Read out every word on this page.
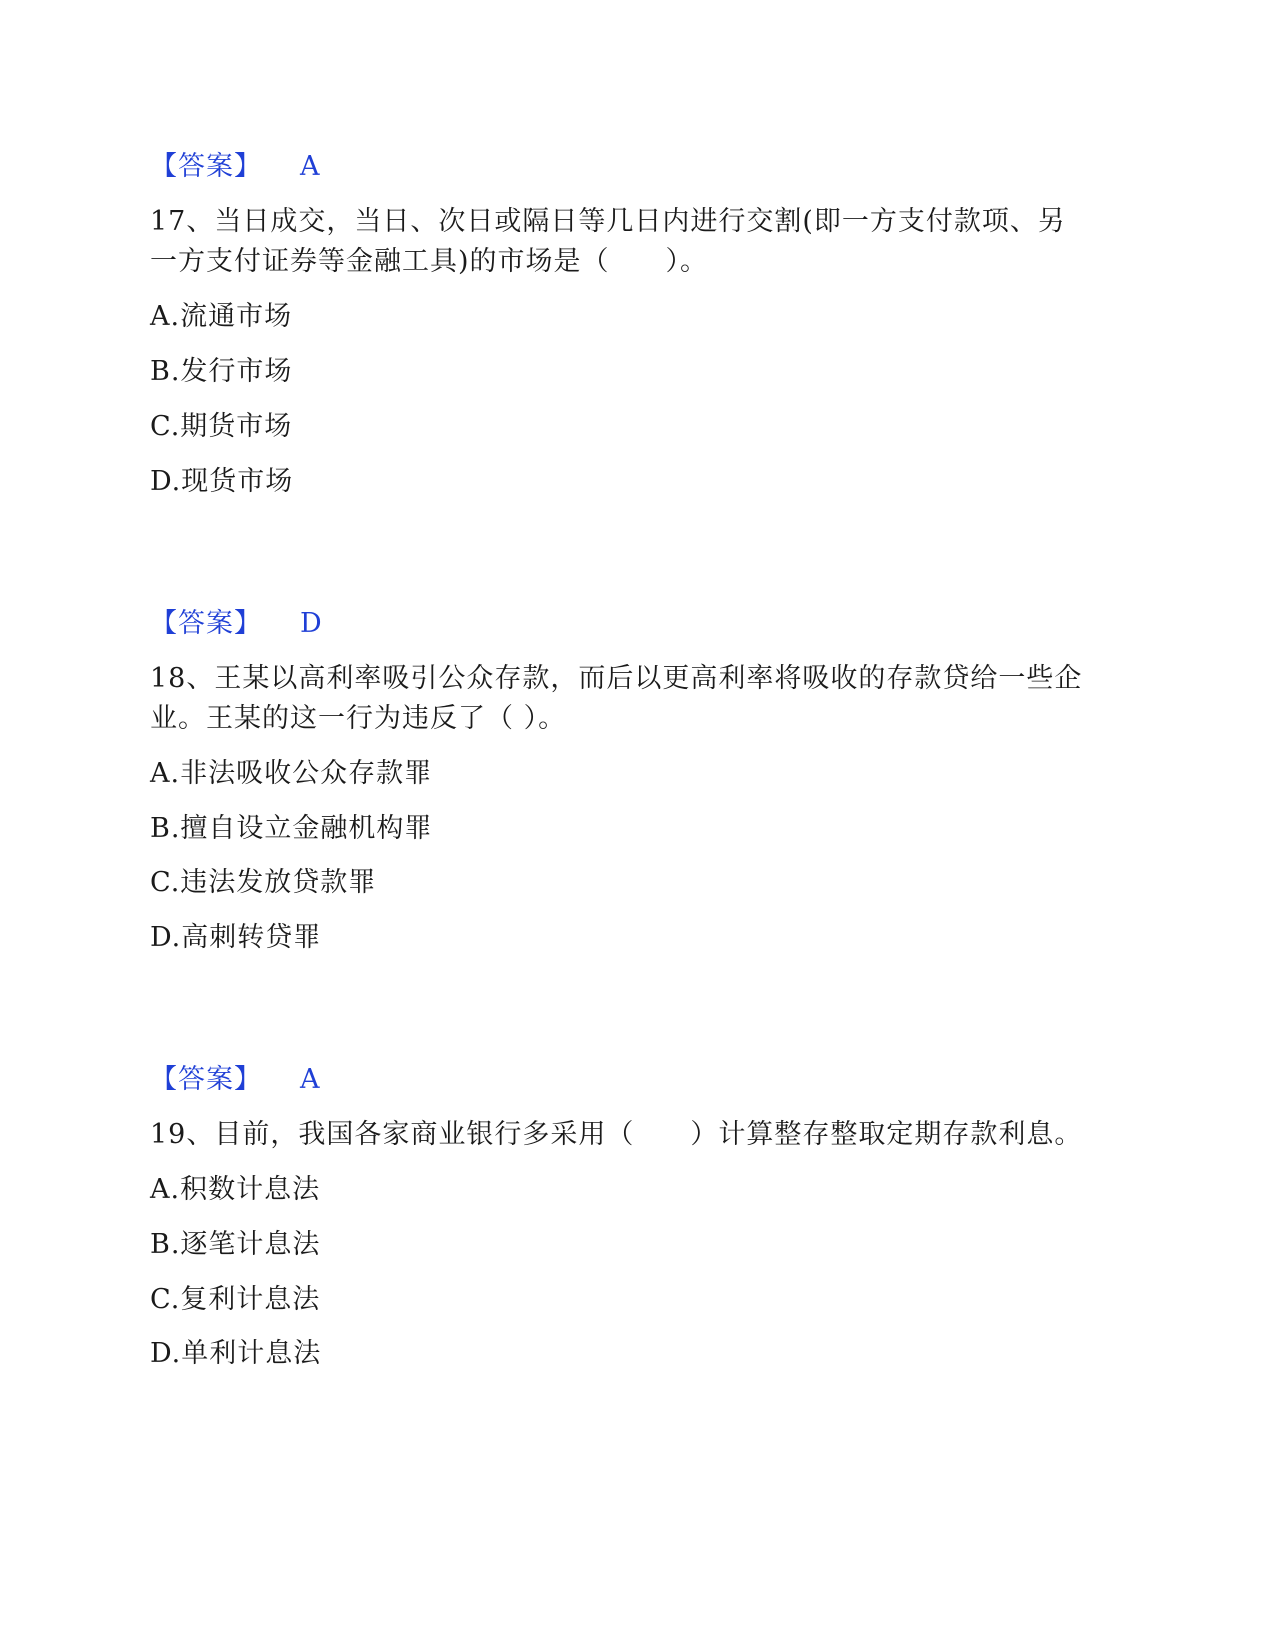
【答案】 A
17、当日成交，当日、次日或隔日等几日内进行交割(即一方支付款项、另
一方支付证券等金融工具)的市场是（　　）。
A.流通市场
B.发行市场
C.期货市场
D.现货市场
【答案】 D
18、王某以高利率吸引公众存款，而后以更高利率将吸收的存款贷给一些企
业。王某的这一行为违反了（ ）。
A.非法吸收公众存款罪
B.擅自设立金融机构罪
C.违法发放贷款罪
D.高刺转贷罪
【答案】 A
19、目前，我国各家商业银行多采用（　　）计算整存整取定期存款利息。
A.积数计息法
B.逐笔计息法
C.复利计息法
D.单利计息法
